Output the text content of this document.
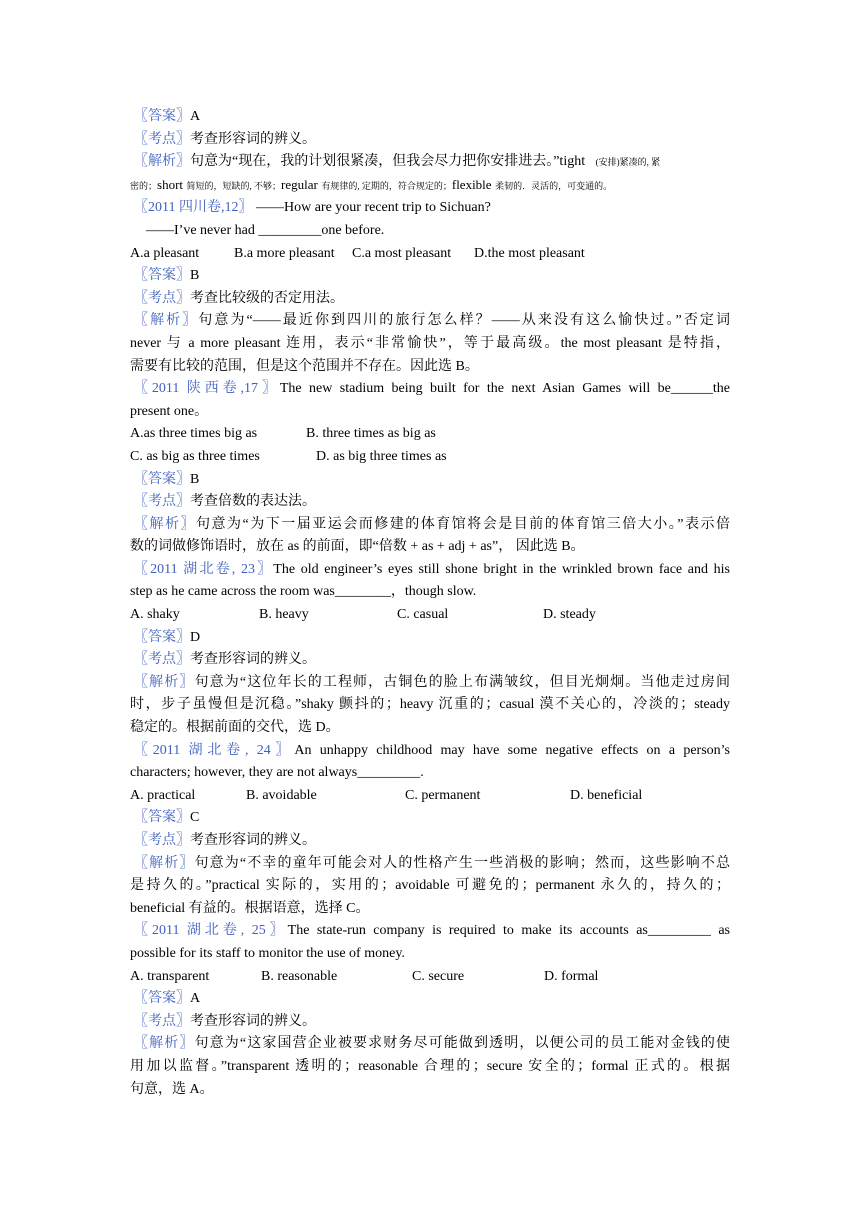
〖答案〗A

〖考点〗考查形容词的辨义。

〖解析〗句意为“现在，我的计划很紧凑，但我会尽力把你安排进去。”tight (安排)紧凑的, 紧

密的；short 简短的，短缺的, 不够；regular 有规律的, 定期的，符合规定的；flexible 柔韧的．灵活的，可变通的。

〖2011 四川卷,12〗 ——How are your recent trip to Sichuan?

——I’ve never had _________one before.

A.a pleasant	B.a more pleasant	C.a most pleasant	D.the most pleasant

〖答案〗B

〖考点〗考查比较级的否定用法。

〖解析〗句意为“——最近你到四川的旅行怎么样？——从来没有这么愉快过。”否定词

never 与 a more pleasant 连用，表示“非常愉快”，等于最高级。the most pleasant 是特指，

需要有比较的范围，但是这个范围并不存在。因此选 B。

〖2011 陕西卷,17〗The new stadium being built for the next Asian Games will be______the

present one。

A.as three times big as	B. three times as big as

C. as big as three times	D. as big three times as

〖答案〗B

〖考点〗考查倍数的表达法。

〖解析〗句意为“为下一届亚运会而修建的体育馆将会是目前的体育馆三倍大小。”表示倍

数的词做修饰语时，放在 as 的前面，即“倍数 + as + adj + as”， 因此选 B。

〖2011 湖北卷, 23〗The old engineer’s eyes still shone bright in the wrinkled brown face and his

step as he came across the room was________，though slow.

A. shaky	B. heavy	C. casual	D. steady

〖答案〗D

〖考点〗考查形容词的辨义。

〖解析〗句意为“这位年长的工程师，古铜色的脸上布满皱纹，但目光炯炯。当他走过房间

时，步子虽慢但是沉稳。”shaky 颤抖的；heavy 沉重的；casual 漠不关心的，冷淡的；steady

稳定的。根据前面的交代，选 D。

〖2011 湖北卷, 24〗An unhappy childhood may have some negative effects on a person’s

characters; however, they are not always_________.

A. practical	B. avoidable	C. permanent	D. beneficial

〖答案〗C

〖考点〗考查形容词的辨义。

〖解析〗句意为“不幸的童年可能会对人的性格产生一些消极的影响；然而，这些影响不总

是持久的。”practical 实际的，实用的；avoidable 可避免的；permanent 永久的，持久的；

beneficial 有益的。根据语意，选择 C。

〖2011 湖北卷, 25〗The state-run company is required to make its accounts as_________ as

possible for its staff to monitor the use of money.

A. transparent	B. reasonable	C. secure	D. formal

〖答案〗A

〖考点〗考查形容词的辨义。

〖解析〗句意为“这家国营企业被要求财务尽可能做到透明，以便公司的员工能对金钱的使

用加以监督。”transparent 透明的；reasonable 合理的；secure 安全的；formal 正式的。根据

句意，选 A。
